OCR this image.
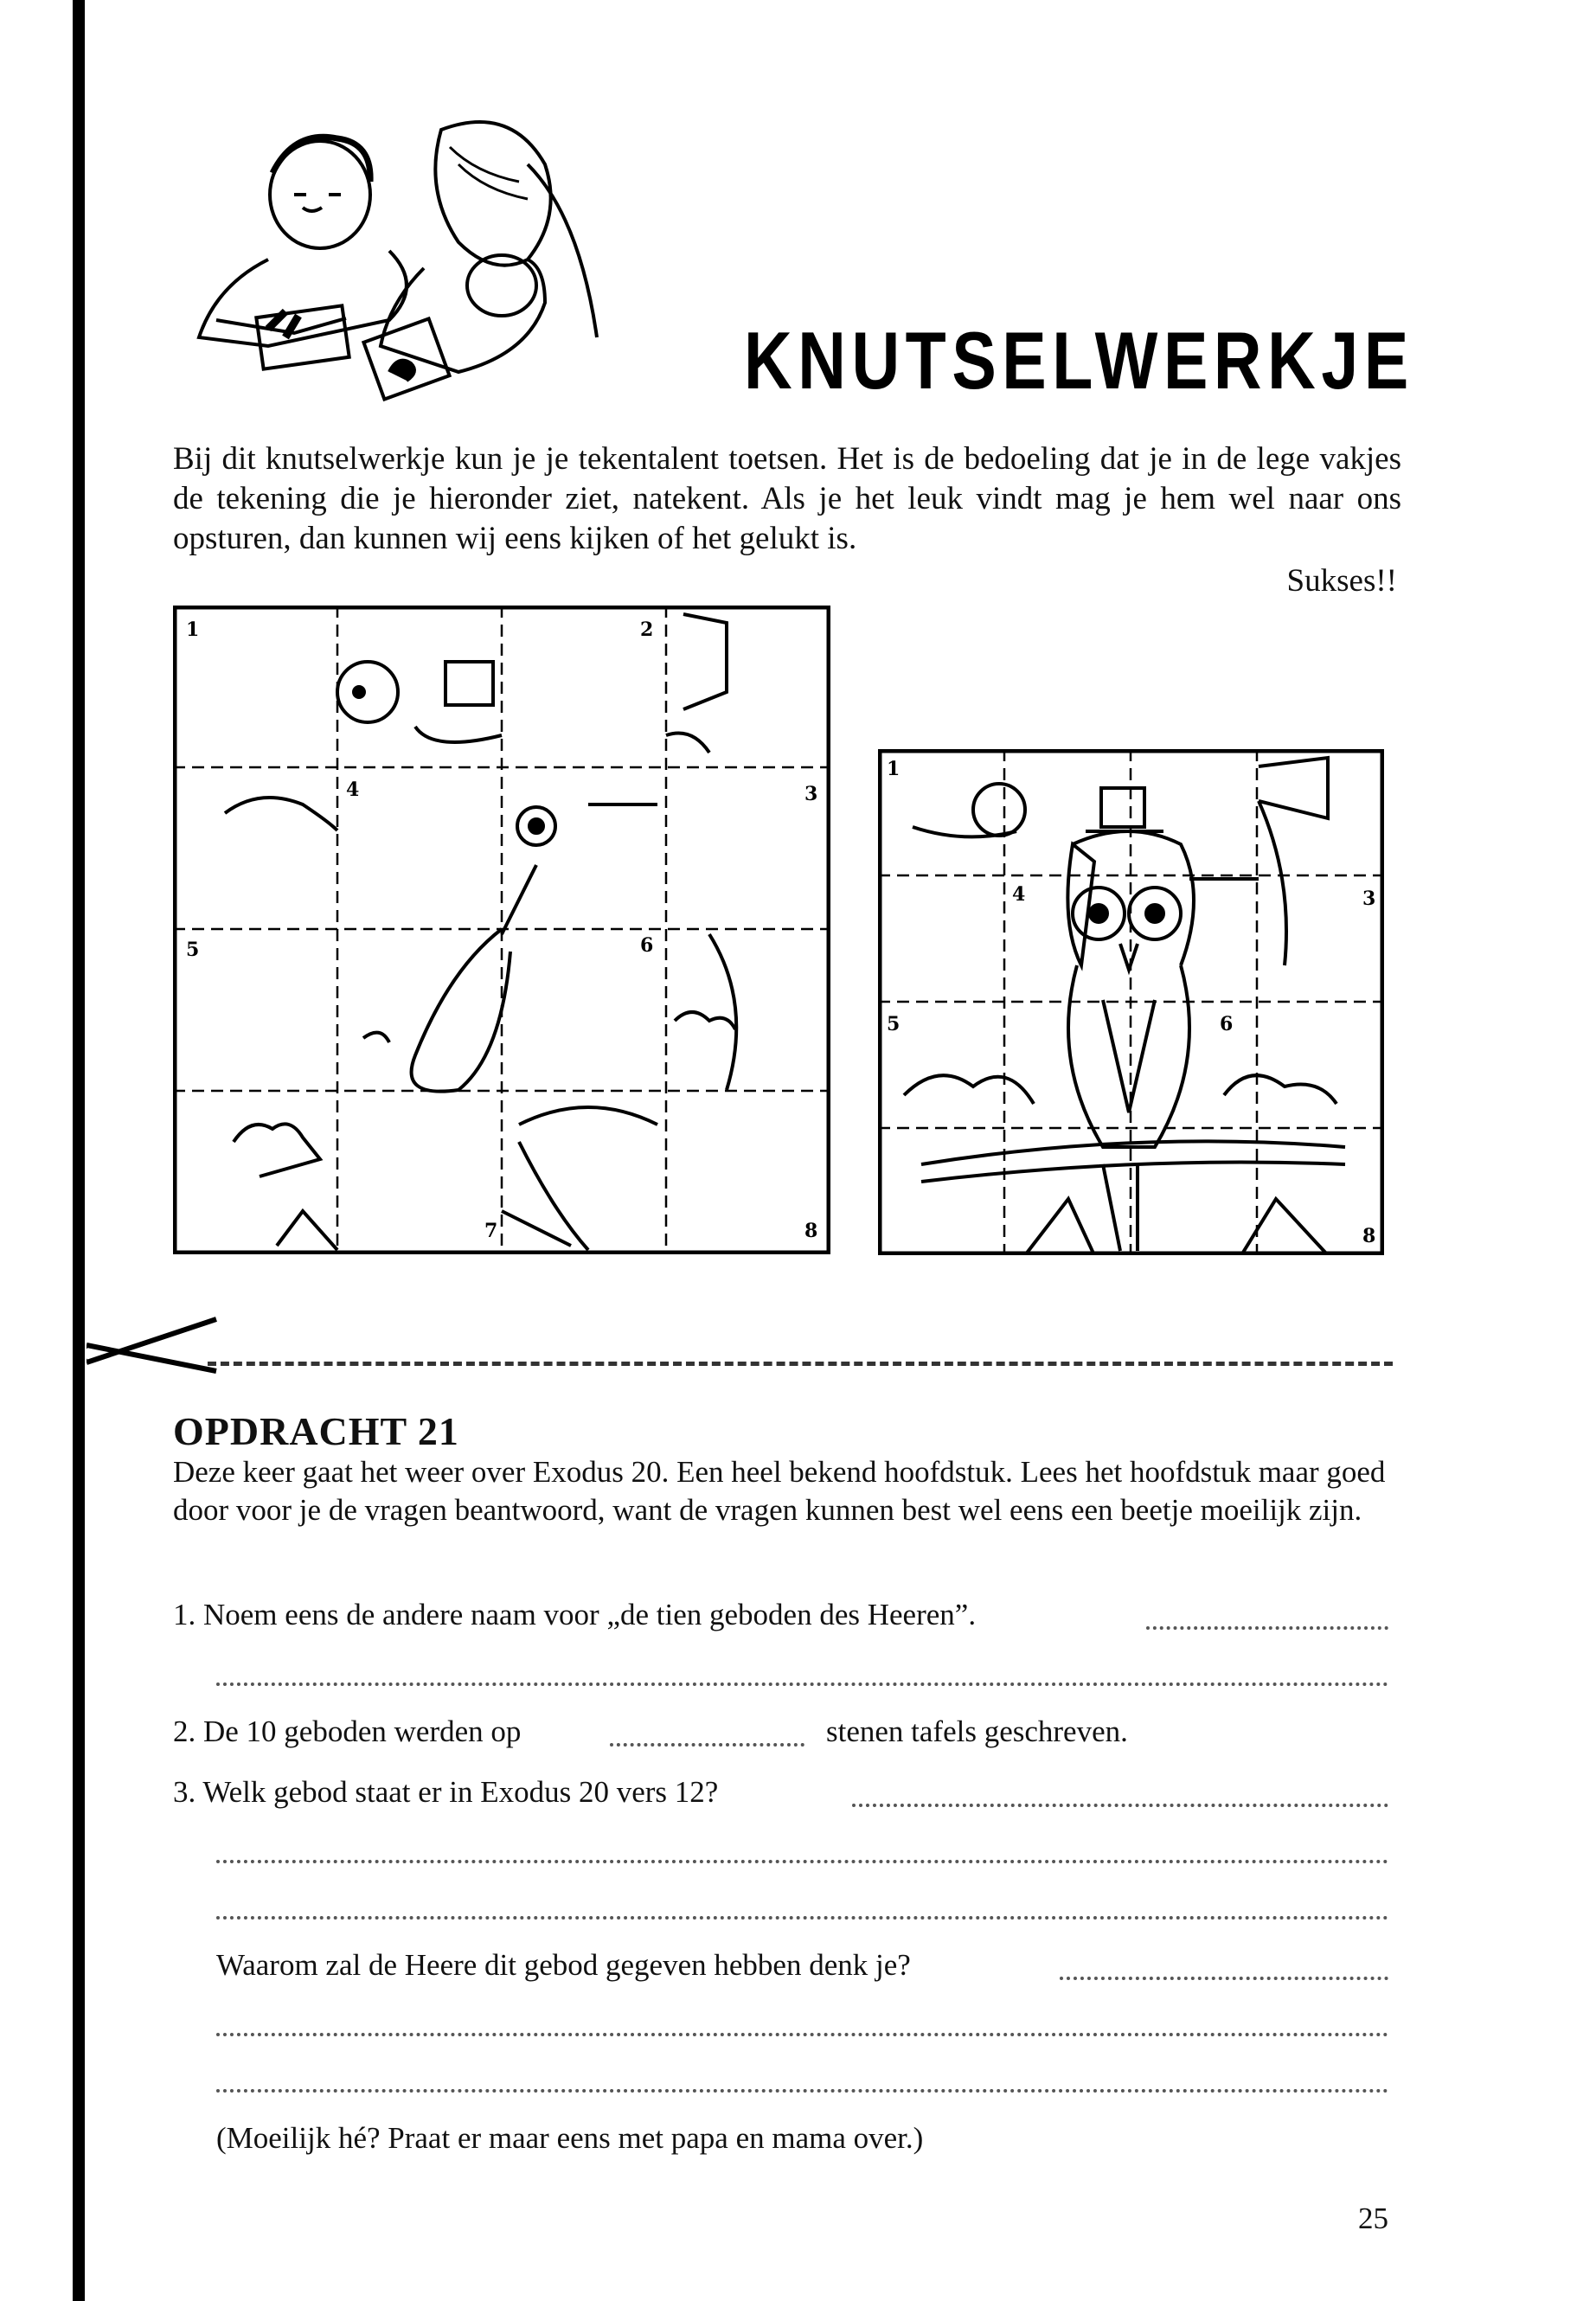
KNUTSELWERKJE
Bij dit knutselwerkje kun je je tekentalent toetsen. Het is de bedoeling dat je in de lege vakjes de tekening die je hieronder ziet, natekent. Als je het leuk vindt mag je hem wel naar ons opsturen, dan kunnen wij eens kijken of het gelukt is.
Sukses!!
1	2
3
4
5	6
7	8
1
3
4
5	6
8
OPDRACHT 21
Deze keer gaat het weer over Exodus 20. Een heel bekend hoofdstuk. Lees het hoofdstuk maar goed door voor je de vragen beantwoord, want de vragen kunnen best wel eens een beetje moeilijk zijn.
1. Noem eens de andere naam voor „de tien geboden des Heeren”.
2. De 10 geboden werden op	stenen tafels geschreven.
3. Welk gebod staat er in Exodus 20 vers 12?
Waarom zal de Heere dit gebod gegeven hebben denk je?
(Moeilijk hé? Praat er maar eens met papa en mama over.)
25
